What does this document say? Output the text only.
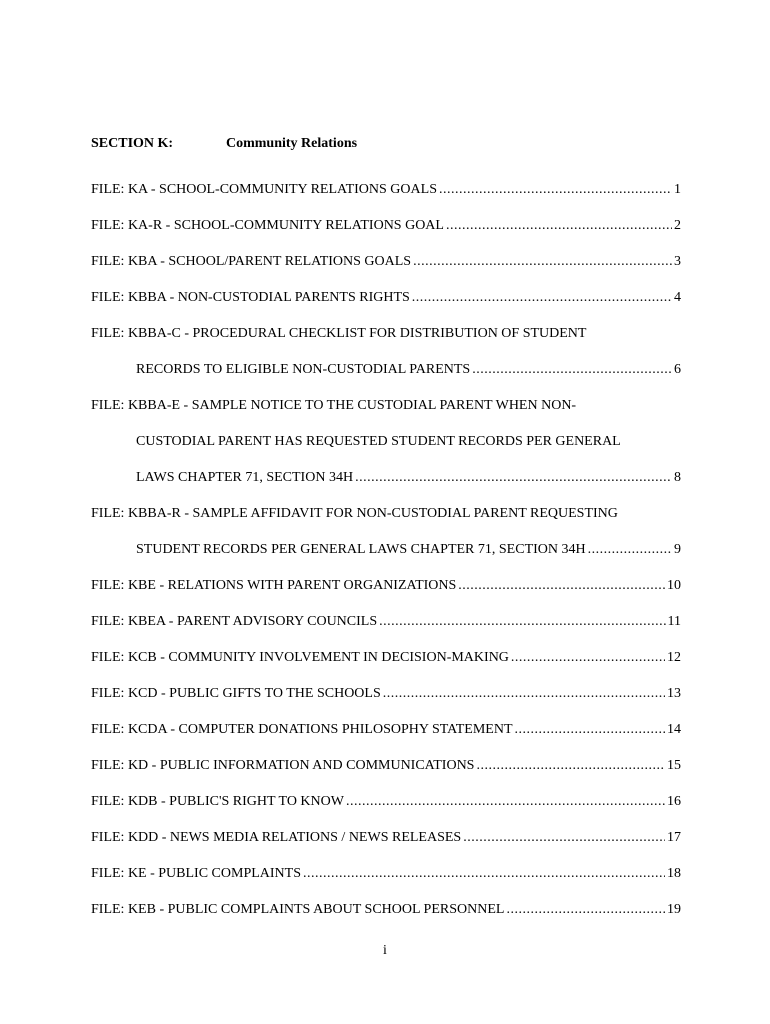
SECTION K:	Community Relations
FILE: KA - SCHOOL-COMMUNITY RELATIONS GOALS .....	1
FILE: KA-R - SCHOOL-COMMUNITY RELATIONS GOAL .....	2
FILE: KBA - SCHOOL/PARENT RELATIONS GOALS .....	3
FILE: KBBA - NON-CUSTODIAL PARENTS RIGHTS .....	4
FILE: KBBA-C - PROCEDURAL CHECKLIST FOR DISTRIBUTION OF STUDENT
RECORDS TO ELIGIBLE NON-CUSTODIAL PARENTS .....	6
FILE: KBBA-E - SAMPLE NOTICE TO THE CUSTODIAL PARENT WHEN NON-
CUSTODIAL PARENT HAS REQUESTED STUDENT RECORDS PER GENERAL
LAWS CHAPTER 71, SECTION 34H .....	8
FILE: KBBA-R - SAMPLE AFFIDAVIT FOR NON-CUSTODIAL PARENT REQUESTING
STUDENT RECORDS PER GENERAL LAWS CHAPTER 71, SECTION 34H .....	9
FILE: KBE - RELATIONS WITH PARENT ORGANIZATIONS .....	10
FILE: KBEA - PARENT ADVISORY COUNCILS .....	11
FILE: KCB - COMMUNITY INVOLVEMENT IN DECISION-MAKING .....	12
FILE: KCD - PUBLIC GIFTS TO THE SCHOOLS .....	13
FILE: KCDA - COMPUTER DONATIONS PHILOSOPHY STATEMENT .....	14
FILE: KD - PUBLIC INFORMATION AND COMMUNICATIONS .....	15
FILE: KDB - PUBLIC'S RIGHT TO KNOW .....	16
FILE: KDD - NEWS MEDIA RELATIONS / NEWS RELEASES .....	17
FILE: KE - PUBLIC COMPLAINTS .....	18
FILE: KEB - PUBLIC COMPLAINTS ABOUT SCHOOL PERSONNEL .....	19
i
